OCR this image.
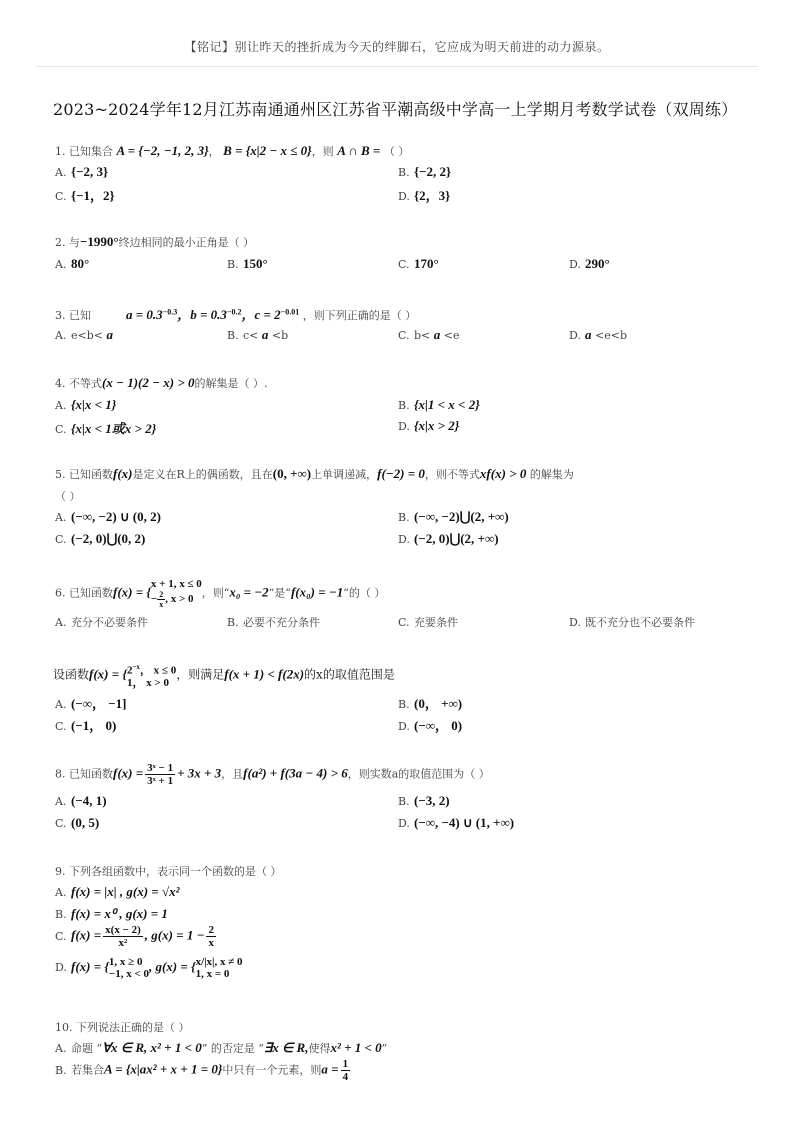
【铭记】别让昨天的挫折成为今天的绊脚石，它应成为明天前进的动力源泉。
2023~2024学年12月江苏南通通州区江苏省平潮高级中学高一上学期月考数学试卷（双周练）
1. 已知集合 A = {−2, −1, 2, 3}， B = {x|2 − x ≤ 0}，则 A ∩ B = （ ）
A. {−2, 3}	B. {−2, 2}
C. {−1，2}	D. {2，3}
2. 与−1990°终边相同的最小正角是（ ）
A. 80°	B. 150°	C. 170°	D. 290°
3. 已知	$a = 0.3^{-0.3}$，$b = 0.3^{-0.2}$，$c = 2^{-0.01}$ ，则下列正确的是（ ）
A. e<b< a	B. c< a <b	C. b< a <e	D. a <e<b
4. 不等式(x − 1)(2 − x) > 0的解集是（ ）.
A. {x|x < 1}	B. {x|1 < x < 2}
C. {x|x < 1或x > 2}	D. {x|x > 2}
5. 已知函数f(x)是定义在R上的偶函数，且在(0, +∞)上单调递减，f(−2) = 0，则不等式xf(x) > 0 的解集为
（ ）
A. (−∞, −2) ∪ (0, 2)	B. (−∞, −2)⋃(2, +∞)
C. (−2, 0)⋃(0, 2)	D. (−2, 0)⋃(2, +∞)
6. 已知函数f(x) = {
x + 1, x ≤ 0
− $\frac{2}{x}$ , x > 0 ，则“x₀ = −2”是“f(x₀) = −1”的（ ）
A. 充分不必要条件	B. 必要不充分条件	C. 充要条件	D. 既不充分也不必要条件
设函数f(x) = { $2^{-x}$， x ≤ 0
1， x > 0
，则满足f(x + 1) < f(2x)的x的取值范围是
A. (−∞， −1]	B. (0， +∞)
C. (−1， 0)	D. (−∞， 0)
8. 已知函数$f(x) = \frac{\text{3ˣ − 1}}{\text{3ˣ + 1}} + 3x + 3$，且f(a²) + f(3a − 4) > 6，则实数a的取值范围为（ ）
A. (−4, 1)	B. (−3, 2)
C. (0, 5)	D. (−∞, −4) ∪ (1, +∞)
9. 下列各组函数中，表示同一个函数的是（ ）
A. f(x) = |x| , g(x) = √x²
B. f(x) = x⁰ , g(x) = 1
C. $f(x) = \frac{x(x - 2)}{\text{x²}}$ , $g(x) = 1 - \frac{2}{x}$
D. f(x) = { 1, x ≥ 0
−1, x < 0 , g(x) = { x/|x|, x ≠ 0
1, x = 0
10. 下列说法正确的是（ ）
A. 命题 “∀x ∈ R, x² + 1 < 0” 的否定是 “∃x ∈ R,使得x² + 1 < 0”
B. 若集合A = {x|ax² + x + 1 = 0}中只有一个元素，则$a = \frac{1}{4}$
